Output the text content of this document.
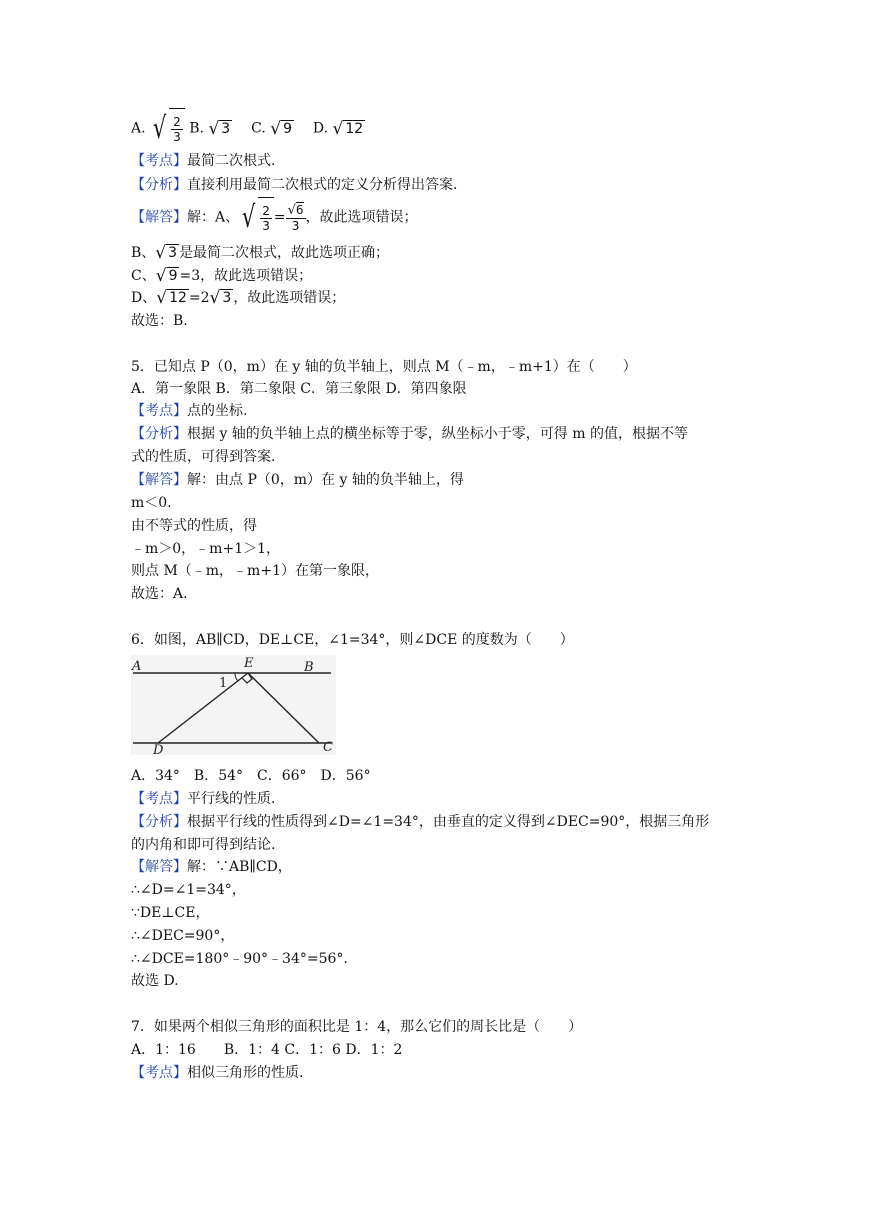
A. √ $\frac{2}{3} B$. √ 3 C. √ 9 D. √ 12
【考点】最简二次根式.
【分析】直接利用最简二次根式的定义分析得出答案.
【解答】解：A、√ $\frac{2}{3} = \frac{√6}{3}$ ，故此选项错误；
B、√ 3 是最简二次根式，故此选项正确；
C、√ 9 =3，故此选项错误；
D、√ 12 =2√ 3 ，故此选项错误；
故选：B.
5．已知点 P（0，m）在 y 轴的负半轴上，则点 M（﹣m，﹣m+1）在（　　）
A．第一象限 B．第二象限 C．第三象限 D．第四象限
【考点】点的坐标.
【分析】根据 y 轴的负半轴上点的横坐标等于零，纵坐标小于零，可得 m 的值，根据不等
式的性质，可得到答案.
【解答】解：由点 P（0，m）在 y 轴的负半轴上，得
m＜0.
由不等式的性质，得
﹣m＞0，﹣m+1＞1，
则点 M（﹣m，﹣m+1）在第一象限，
故选：A.
6．如图，AB∥CD，DE⊥CE，∠1=34°，则∠DCE 的度数为（　　）
A	E	B
1
D	C
A．34°　B．54°　C．66°　D．56°
【考点】平行线的性质.
【分析】根据平行线的性质得到∠D=∠1=34°，由垂直的定义得到∠DEC=90°，根据三角形
的内角和即可得到结论.
【解答】解：∵AB∥CD，
∴∠D=∠1=34°，
∵DE⊥CE，
∴∠DEC=90°，
∴∠DCE=180°﹣90°﹣34°=56°.
故选 D.
7．如果两个相似三角形的面积比是 1：4，那么它们的周长比是（　　）
A．1：16　　B．1：4 C．1：6 D．1：2
【考点】相似三角形的性质.
